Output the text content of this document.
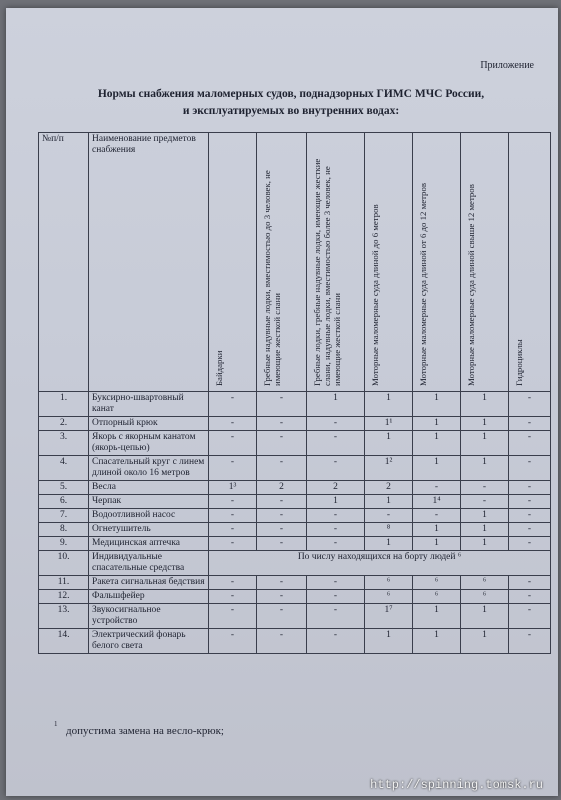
Приложение
Нормы снабжения маломерных судов, поднадзорных ГИМС МЧС России,
и эксплуатируемых во внутренних водах:
№п/п	Наименование предметов снабжения	Байдарки	Гребные надувные лодки, вместимостью до 3 человек, не имеющие жесткой слани	Гребные лодки, гребные надувные лодки, имеющие жесткие слани, надувные лодки, вместимостью более 3 человек, не имеющие жесткой слани	Моторные маломерные суда длиной до 6 метров	Моторные маломерные суда длиной от 6 до 12 метров	Моторные маломерные суда длиной свыше 12 метров	Гидроциклы

1.	Буксирно-швартовный канат	-	-	1	1	1	1	-
2.	Отпорный крюк	-	-	-	1¹	1	1	-
3.	Якорь с якорным канатом (якорь-цепью)	-	-	-	1	1	1	-
4.	Спасательный круг с линем длиной около 16 метров	-	-	-	1²	1	1	-
5.	Весла	1³	2	2	2	-	-	-
6.	Черпак	-	-	1	1	1⁴	-	-
7.	Водоотливной насос	-	-	-	-	-	1	-
8.	Огнетушитель	-	-	-	⁸	1	1	-
9.	Медицинская аптечка	-	-	-	1	1	1	-
10.	Индивидуальные спасательные средства	По числу находящихся на борту людей ⁶						
11.	Ракета сигнальная бедствия	-	-	-	⁶	⁶	⁶	-
12.	Фальшфейер	-	-	-	⁶	⁶	⁶	-
13.	Звукосигнальное устройство	-	-	-	1⁷	1	1	-
14.	Электрический фонарь белого света	-	-	-	1	1	1	-
1
допустима замена на весло-крюк;
http://spinning.tomsk.ru
